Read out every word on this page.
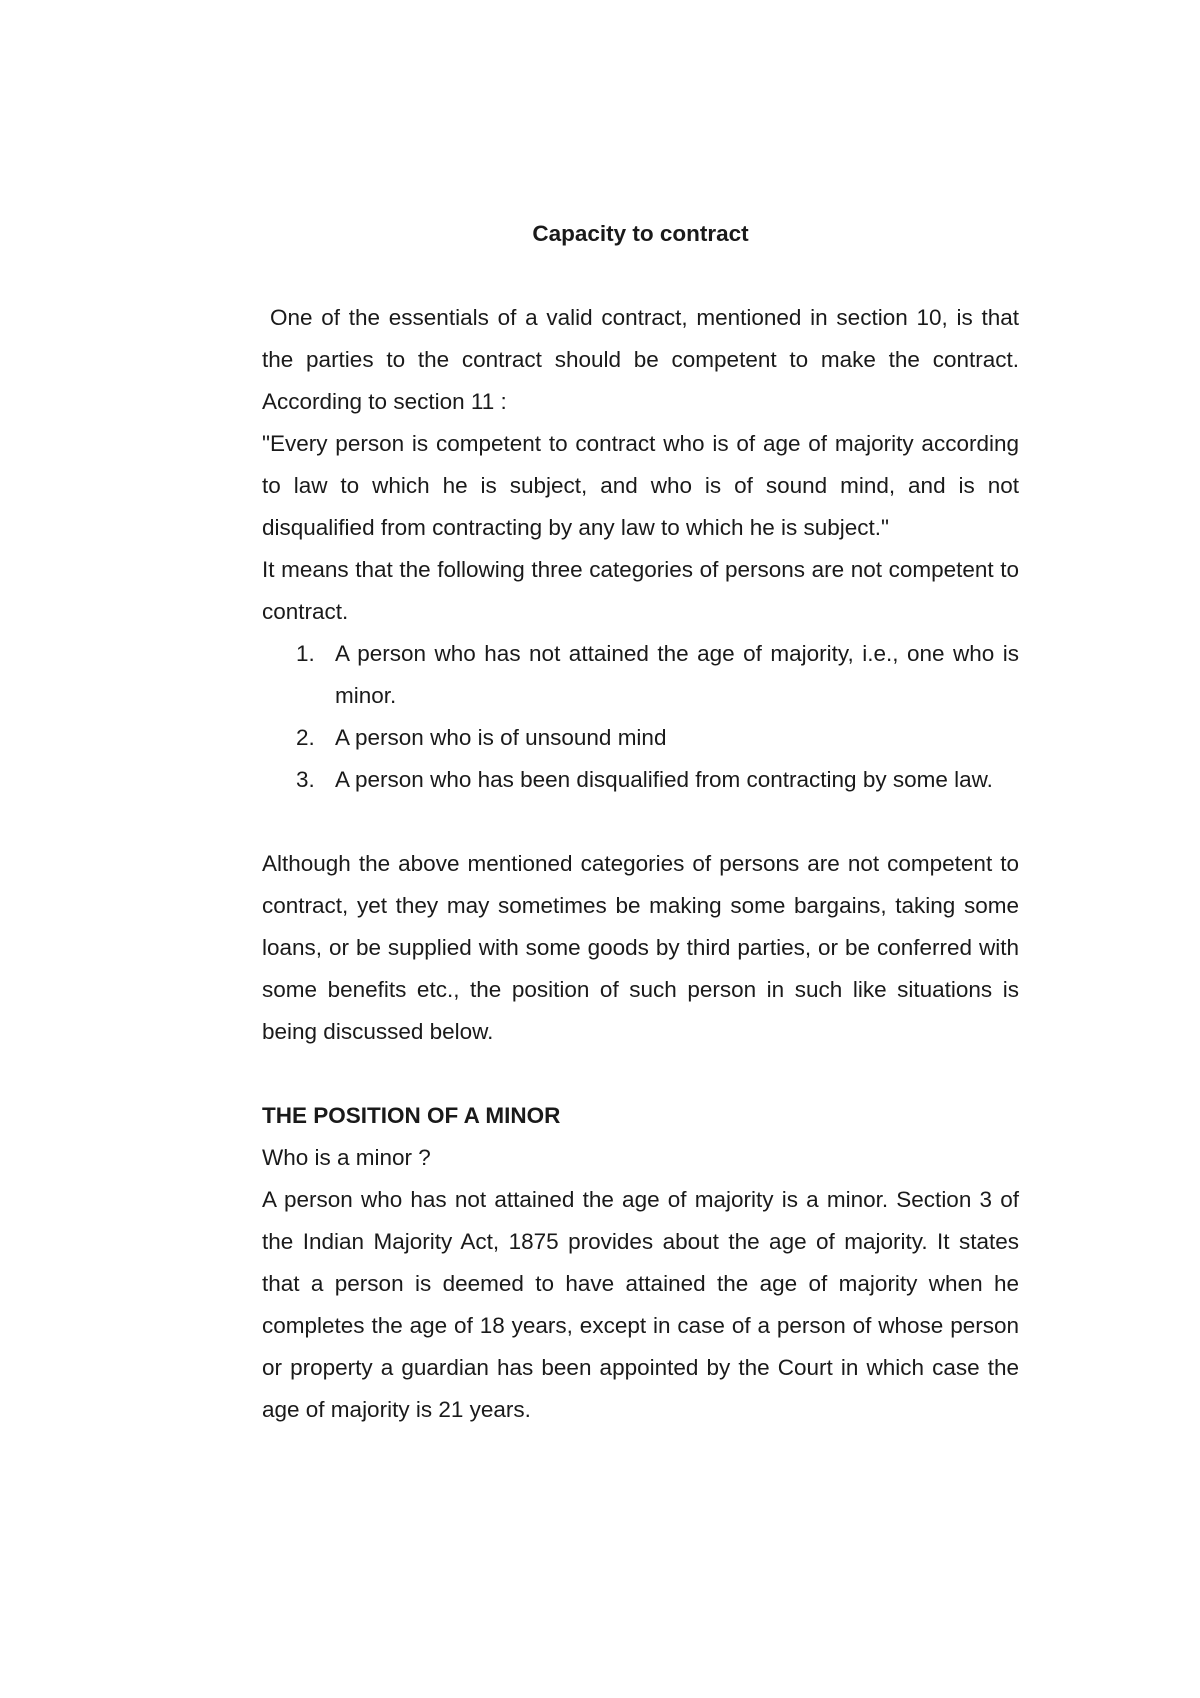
Capacity to contract

One of the essentials of a valid contract, mentioned in section 10, is that the parties to the contract should be competent to make the contract. According to section 11 :

"Every person is competent to contract who is of age of majority according to law to which he is subject, and who is of sound mind, and is not disqualified from contracting by any law to which he is subject."

It means that the following three categories of persons are not competent to contract.

1. A person who has not attained the age of majority, i.e., one who is minor.
2. A person who is of unsound mind
3. A person who has been disqualified from contracting by some law.

Although the above mentioned categories of persons are not competent to contract, yet they may sometimes be making some bargains, taking some loans, or be supplied with some goods by third parties, or be conferred with some benefits etc., the position of such person in such like situations is being discussed below.

THE POSITION OF A MINOR

Who is a minor ?

A person who has not attained the age of majority is a minor. Section 3 of the Indian Majority Act, 1875 provides about the age of majority. It states that a person is deemed to have attained the age of majority when he completes the age of 18 years, except in case of a person of whose person or property a guardian has been appointed by the Court in which case the age of majority is 21 years.
